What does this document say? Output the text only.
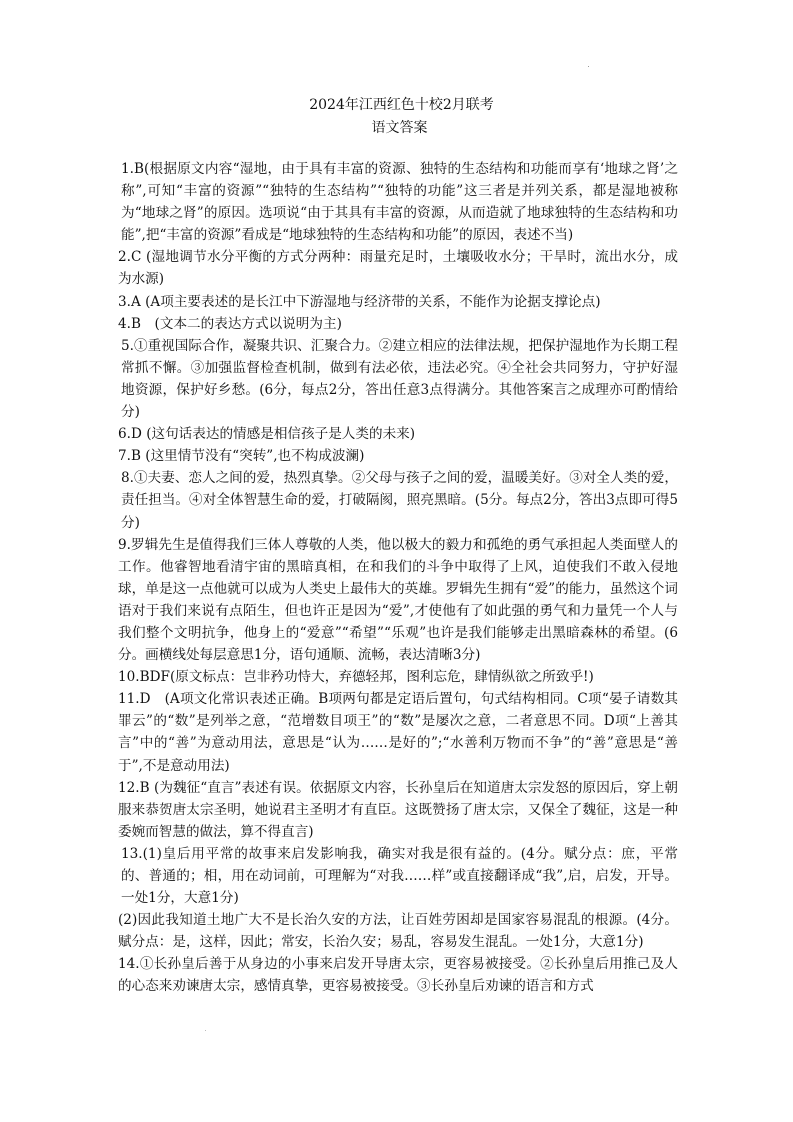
2024年江西红色十校2月联考
语文答案

1.B(根据原文内容“湿地，由于具有丰富的资源、独特的生态结构和功能而享有‘地球之肾’之称”,可知“丰富的资源”“独特的生态结构”“独特的功能”这三者是并列关系，都是湿地被称为“地球之肾”的原因。选项说“由于其具有丰富的资源，从而造就了地球独特的生态结构和功能”,把“丰富的资源”看成是“地球独特的生态结构和功能”的原因，表述不当)

2.C (湿地调节水分平衡的方式分两种：雨量充足时，土壤吸收水分；干旱时，流出水分，成为水源)

3.A (A项主要表述的是长江中下游湿地与经济带的关系，不能作为论据支撑论点)

4.B　(文本二的表达方式以说明为主)

5.①重视国际合作，凝聚共识、汇聚合力。②建立相应的法律法规，把保护湿地作为长期工程常抓不懈。③加强监督检查机制，做到有法必依，违法必究。④全社会共同努力，守护好湿地资源，保护好乡愁。(6分，每点2分，答出任意3点得满分。其他答案言之成理亦可酌情给分)

6.D (这句话表达的情感是相信孩子是人类的未来)

7.B (这里情节没有“突转”,也不构成波澜)

8.①夫妻、恋人之间的爱，热烈真挚。②父母与孩子之间的爱，温暖美好。③对全人类的爱，责任担当。④对全体智慧生命的爱，打破隔阂，照亮黑暗。(5分。每点2分，答出3点即可得5分)

9.罗辑先生是值得我们三体人尊敬的人类，他以极大的毅力和孤绝的勇气承担起人类面壁人的工作。他睿智地看清宇宙的黑暗真相，在和我们的斗争中取得了上风，迫使我们不敢入侵地球，单是这一点他就可以成为人类史上最伟大的英雄。罗辑先生拥有“爱”的能力，虽然这个词语对于我们来说有点陌生，但也许正是因为“爱”,才使他有了如此强的勇气和力量凭一个人与我们整个文明抗争，他身上的“爱意”“希望”“乐观”也许是我们能够走出黑暗森林的希望。(6分。画横线处每层意思1分，语句通顺、流畅，表达清晰3分)

10.BDF(原文标点：岂非矜功恃大，弃德轻邦，图利忘危，肆情纵欲之所致乎!)

11.D　(A项文化常识表述正确。B项两句都是定语后置句，句式结构相同。C项“晏子请数其罪云”的“数”是列举之意，“范增数目项王”的“数”是屡次之意，二者意思不同。D项“上善其言”中的“善”为意动用法，意思是“认为……是好的”;“水善利万物而不争”的“善”意思是“善于”,不是意动用法)

12.B (为魏征“直言”表述有误。依据原文内容，长孙皇后在知道唐太宗发怒的原因后，穿上朝服来恭贺唐太宗圣明，她说君主圣明才有直臣。这既赞扬了唐太宗，又保全了魏征，这是一种委婉而智慧的做法，算不得直言)

13.(1)皇后用平常的故事来启发影响我，确实对我是很有益的。(4分。赋分点：庶，平常的、普通的；相，用在动词前，可理解为“对我……样”或直接翻译成“我”,启，启发，开导。一处1分，大意1分)

(2)因此我知道土地广大不是长治久安的方法，让百姓劳困却是国家容易混乱的根源。(4分。赋分点：是，这样，因此；常安，长治久安；易乱，容易发生混乱。一处1分，大意1分)

14.①长孙皇后善于从身边的小事来启发开导唐太宗，更容易被接受。②长孙皇后用推己及人的心态来劝谏唐太宗，感情真挚，更容易被接受。③长孙皇后劝谏的语言和方式
